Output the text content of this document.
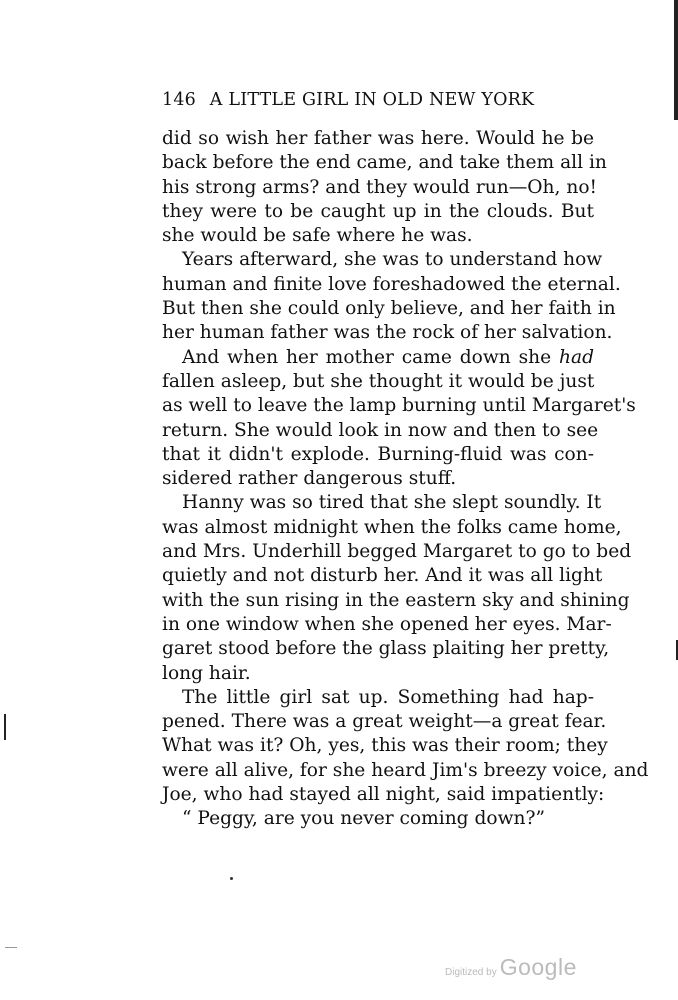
146 A LITTLE GIRL IN OLD NEW YORK
did so wish her father was here. Would he be
back before the end came, and take them all in
his strong arms? and they would run—Oh, no!
they were to be caught up in the clouds. But
she would be safe where he was.
Years afterward, she was to understand how
human and finite love foreshadowed the eternal.
But then she could only believe, and her faith in
her human father was the rock of her salvation.
And when her mother came down she had
fallen asleep, but she thought it would be just
as well to leave the lamp burning until Margaret's
return. She would look in now and then to see
that it didn't explode. Burning-fluid was con-
sidered rather dangerous stuff.
Hanny was so tired that she slept soundly. It
was almost midnight when the folks came home,
and Mrs. Underhill begged Margaret to go to bed
quietly and not disturb her. And it was all light
with the sun rising in the eastern sky and shining
in one window when she opened her eyes. Mar-
garet stood before the glass plaiting her pretty,
long hair.
The little girl sat up. Something had hap-
pened. There was a great weight—a great fear.
What was it? Oh, yes, this was their room; they
were all alive, for she heard Jim's breezy voice, and
Joe, who had stayed all night, said impatiently:
“ Peggy, are you never coming down?”
Digitized by Google
